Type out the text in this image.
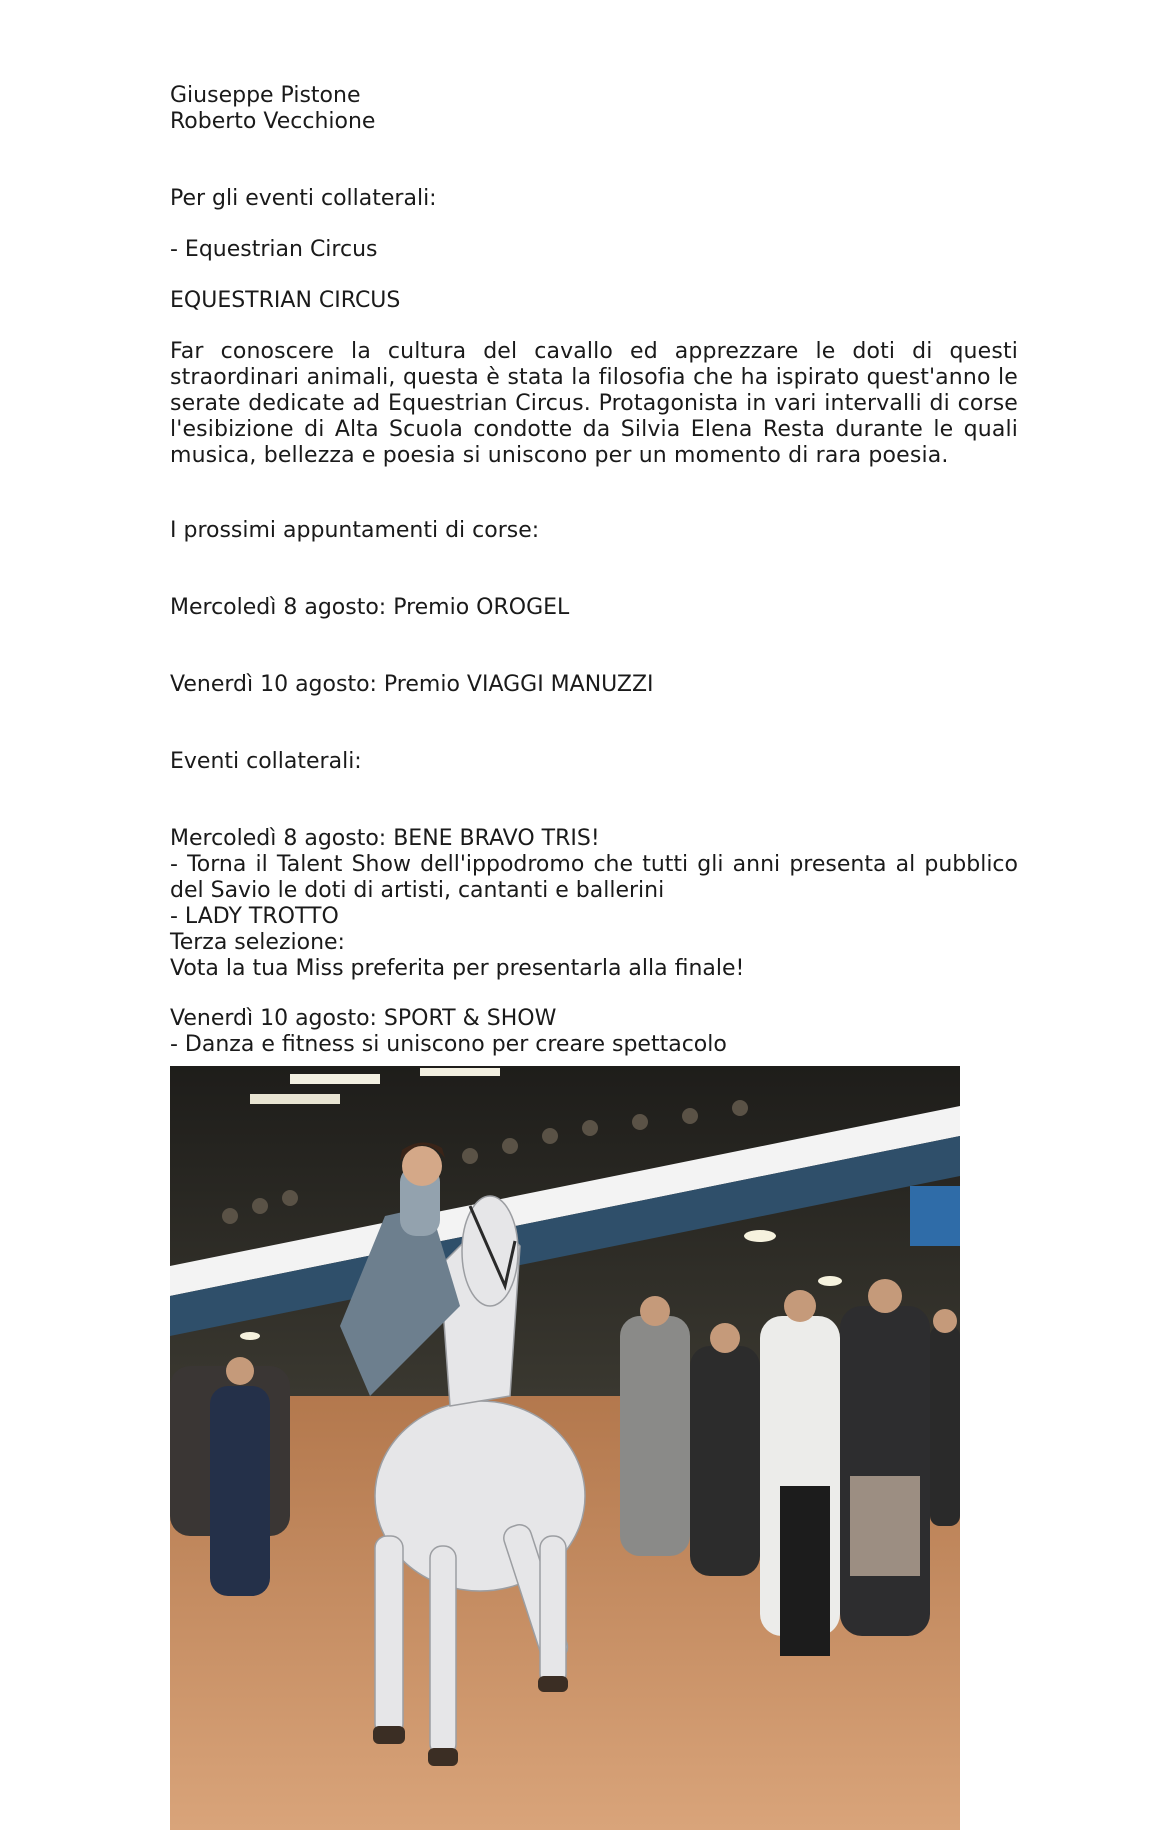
Giuseppe Pistone
Roberto Vecchione
Per gli eventi collaterali:
- Equestrian Circus
EQUESTRIAN CIRCUS
Far conoscere la cultura del cavallo ed apprezzare le doti di questi straordinari animali, questa è stata la filosofia che ha ispirato quest'anno le serate dedicate ad Equestrian Circus. Protagonista in vari intervalli di corse l'esibizione di Alta Scuola condotte da Silvia Elena Resta durante le quali musica, bellezza e poesia si uniscono per un momento di rara poesia.
I prossimi appuntamenti di corse:
Mercoledì 8 agosto: Premio OROGEL
Venerdì 10 agosto: Premio VIAGGI MANUZZI
Eventi collaterali:
Mercoledì 8 agosto: BENE BRAVO TRIS!
- Torna il Talent Show dell'ippodromo che tutti gli anni presenta al pubblico del Savio le doti di artisti, cantanti e ballerini
- LADY TROTTO
Terza selezione:
Vota la tua Miss preferita per presentarla alla finale!
Venerdì 10 agosto: SPORT & SHOW
- Danza e fitness si uniscono per creare spettacolo
